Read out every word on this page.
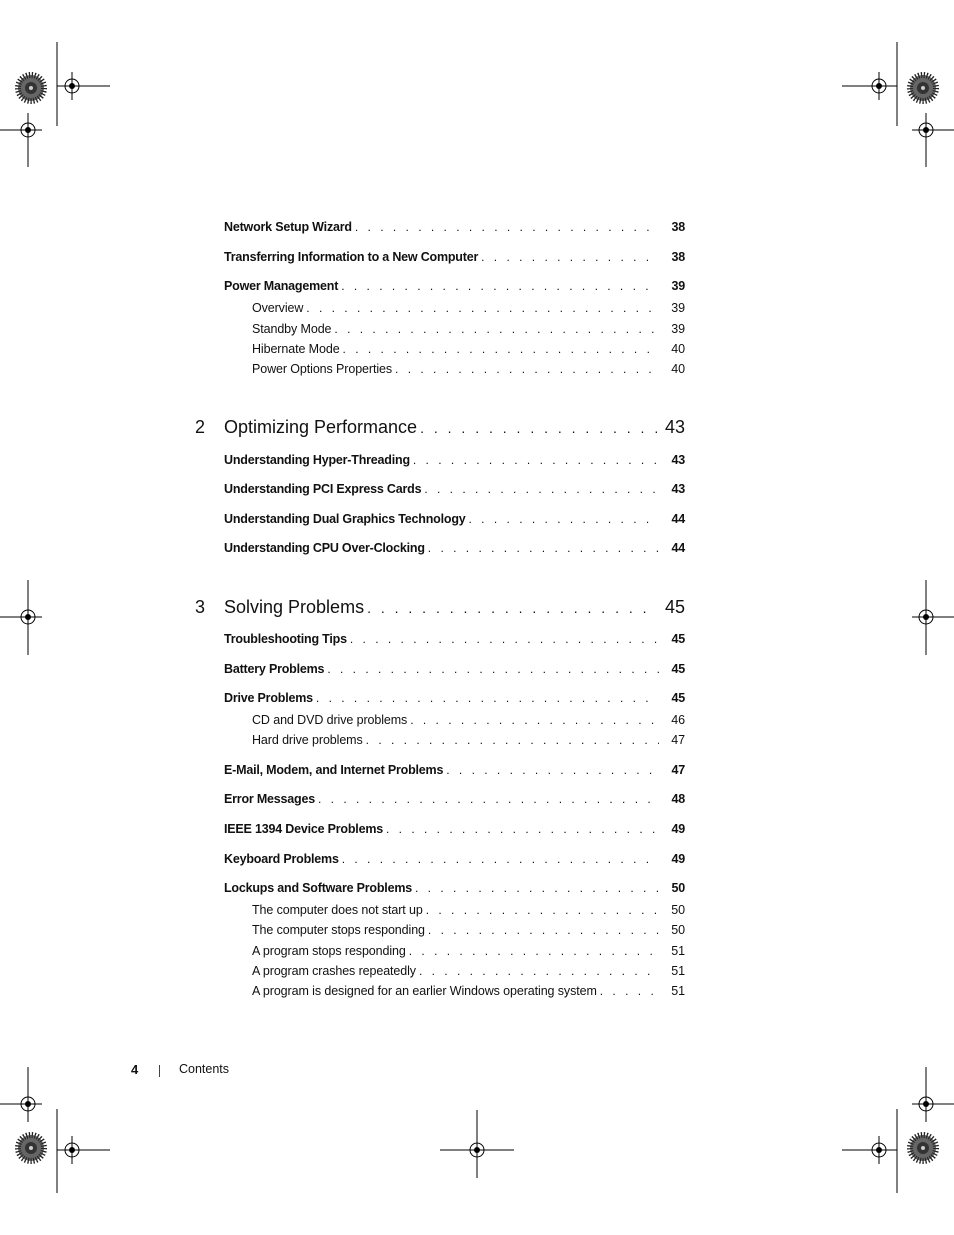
Network Setup Wizard . . .	38
Transferring Information to a New Computer . . .	38
Power Management . . .	39
Overview . . .	39
Standby Mode . . .	39
Hibernate Mode . . .	40
Power Options Properties . . .	40
2 Optimizing Performance . . .	43
Understanding Hyper-Threading . . .	43
Understanding PCI Express Cards . . .	43
Understanding Dual Graphics Technology . . .	44
Understanding CPU Over-Clocking . . .	44
3 Solving Problems . . .	45
Troubleshooting Tips . . .	45
Battery Problems . . .	45
Drive Problems . . .	45
CD and DVD drive problems . . .	46
Hard drive problems . . .	47
E-Mail, Modem, and Internet Problems . . .	47
Error Messages . . .	48
IEEE 1394 Device Problems . . .	49
Keyboard Problems . . .	49
Lockups and Software Problems . . .	50
The computer does not start up . . .	50
The computer stops responding . . .	50
A program stops responding . . .	51
A program crashes repeatedly . . .	51
A program is designed for an earlier Windows operating system . . .	51
4	Contents
